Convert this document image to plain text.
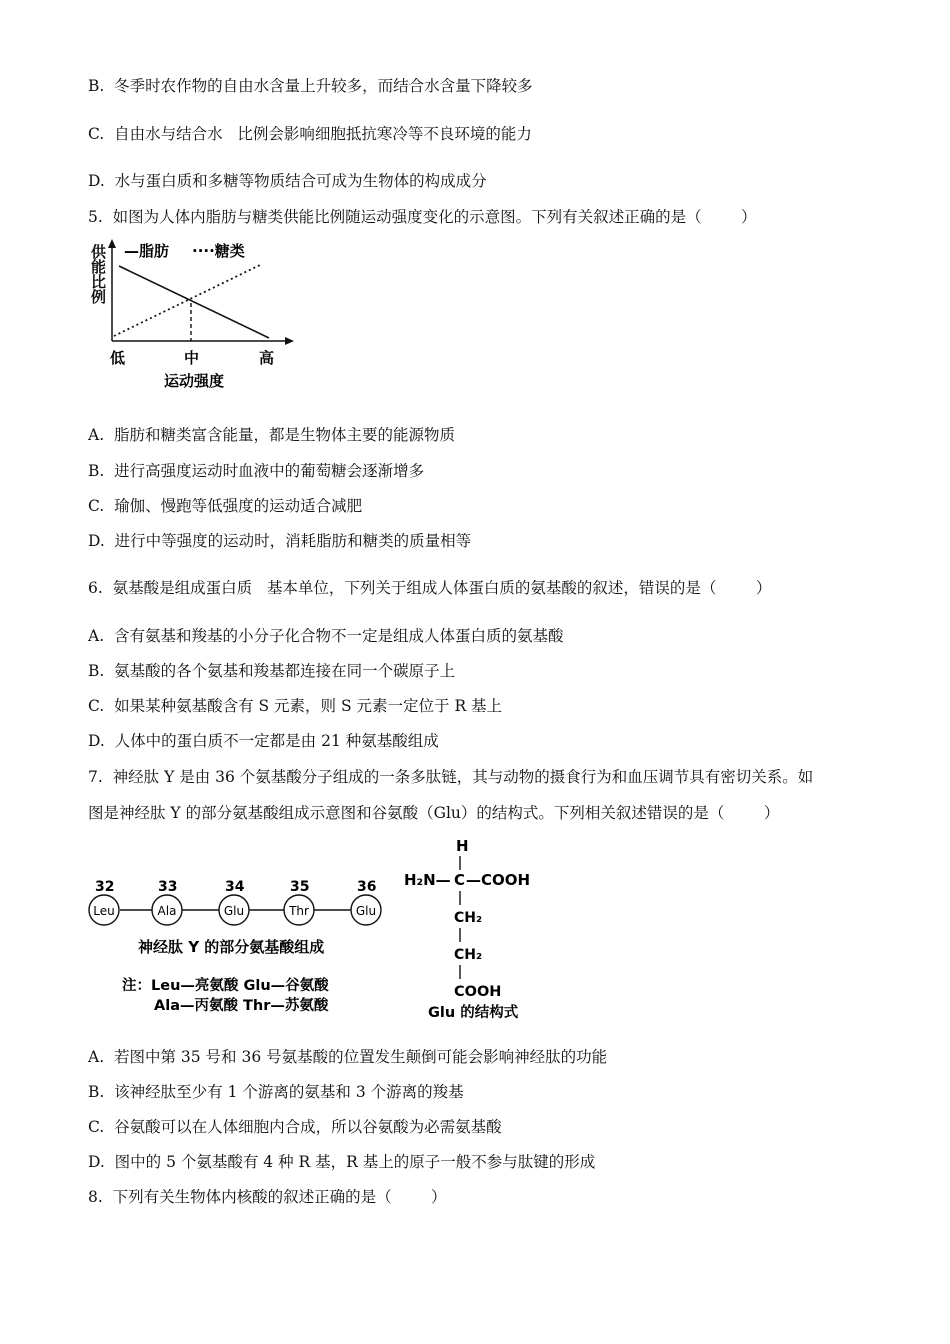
B.  冬季时农作物的自由水含量上升较多，而结合水含量下降较多
C.  自由水与结合水   比例会影响细胞抵抗寒冷等不良环境的能力
D.  水与蛋白质和多糖等物质结合可成为生物体的构成成分
5.  如图为人体内脂肪与糖类供能比例随运动强度变化的示意图。下列有关叙述正确的是（        ）
—脂肪 ····糖类
低	中	高
运动强度
供能比例
A.  脂肪和糖类富含能量，都是生物体主要的能源物质
B.  进行高强度运动时血液中的葡萄糖会逐渐增多
C.  瑜伽、慢跑等低强度的运动适合减肥
D.  进行中等强度的运动时，消耗脂肪和糖类的质量相等
6.  氨基酸是组成蛋白质   基本单位，下列关于组成人体蛋白质的氨基酸的叙述，错误的是（        ）
A.  含有氨基和羧基的小分子化合物不一定是组成人体蛋白质的氨基酸
B.  氨基酸的各个氨基和羧基都连接在同一个碳原子上
C.  如果某种氨基酸含有 S 元素，则 S 元素一定位于 R 基上
D.  人体中的蛋白质不一定都是由 21 种氨基酸组成
7.  神经肽 Y 是由 36 个氨基酸分子组成的一条多肽链，其与动物的摄食行为和血压调节具有密切关系。如
图是神经肽 Y 的部分氨基酸组成示意图和谷氨酸（Glu）的结构式。下列相关叙述错误的是（        ）
32
Leu
33
Ala
34
Glu
35
Thr
36
Glu
神经肽 Y 的部分氨基酸组成
注：Leu—亮氨酸 Glu—谷氨酸
Ala—丙氨酸 Thr—苏氨酸
H
H₂N— C —COOH
CH₂
CH₂
COOH
Glu 的结构式
A.  若图中第 35 号和 36 号氨基酸的位置发生颠倒可能会影响神经肽的功能
B.  该神经肽至少有 1 个游离的氨基和 3 个游离的羧基
C.  谷氨酸可以在人体细胞内合成，所以谷氨酸为必需氨基酸
D.  图中的 5 个氨基酸有 4 种 R 基，R 基上的原子一般不参与肽键的形成
8.  下列有关生物体内核酸的叙述正确的是（        ）
